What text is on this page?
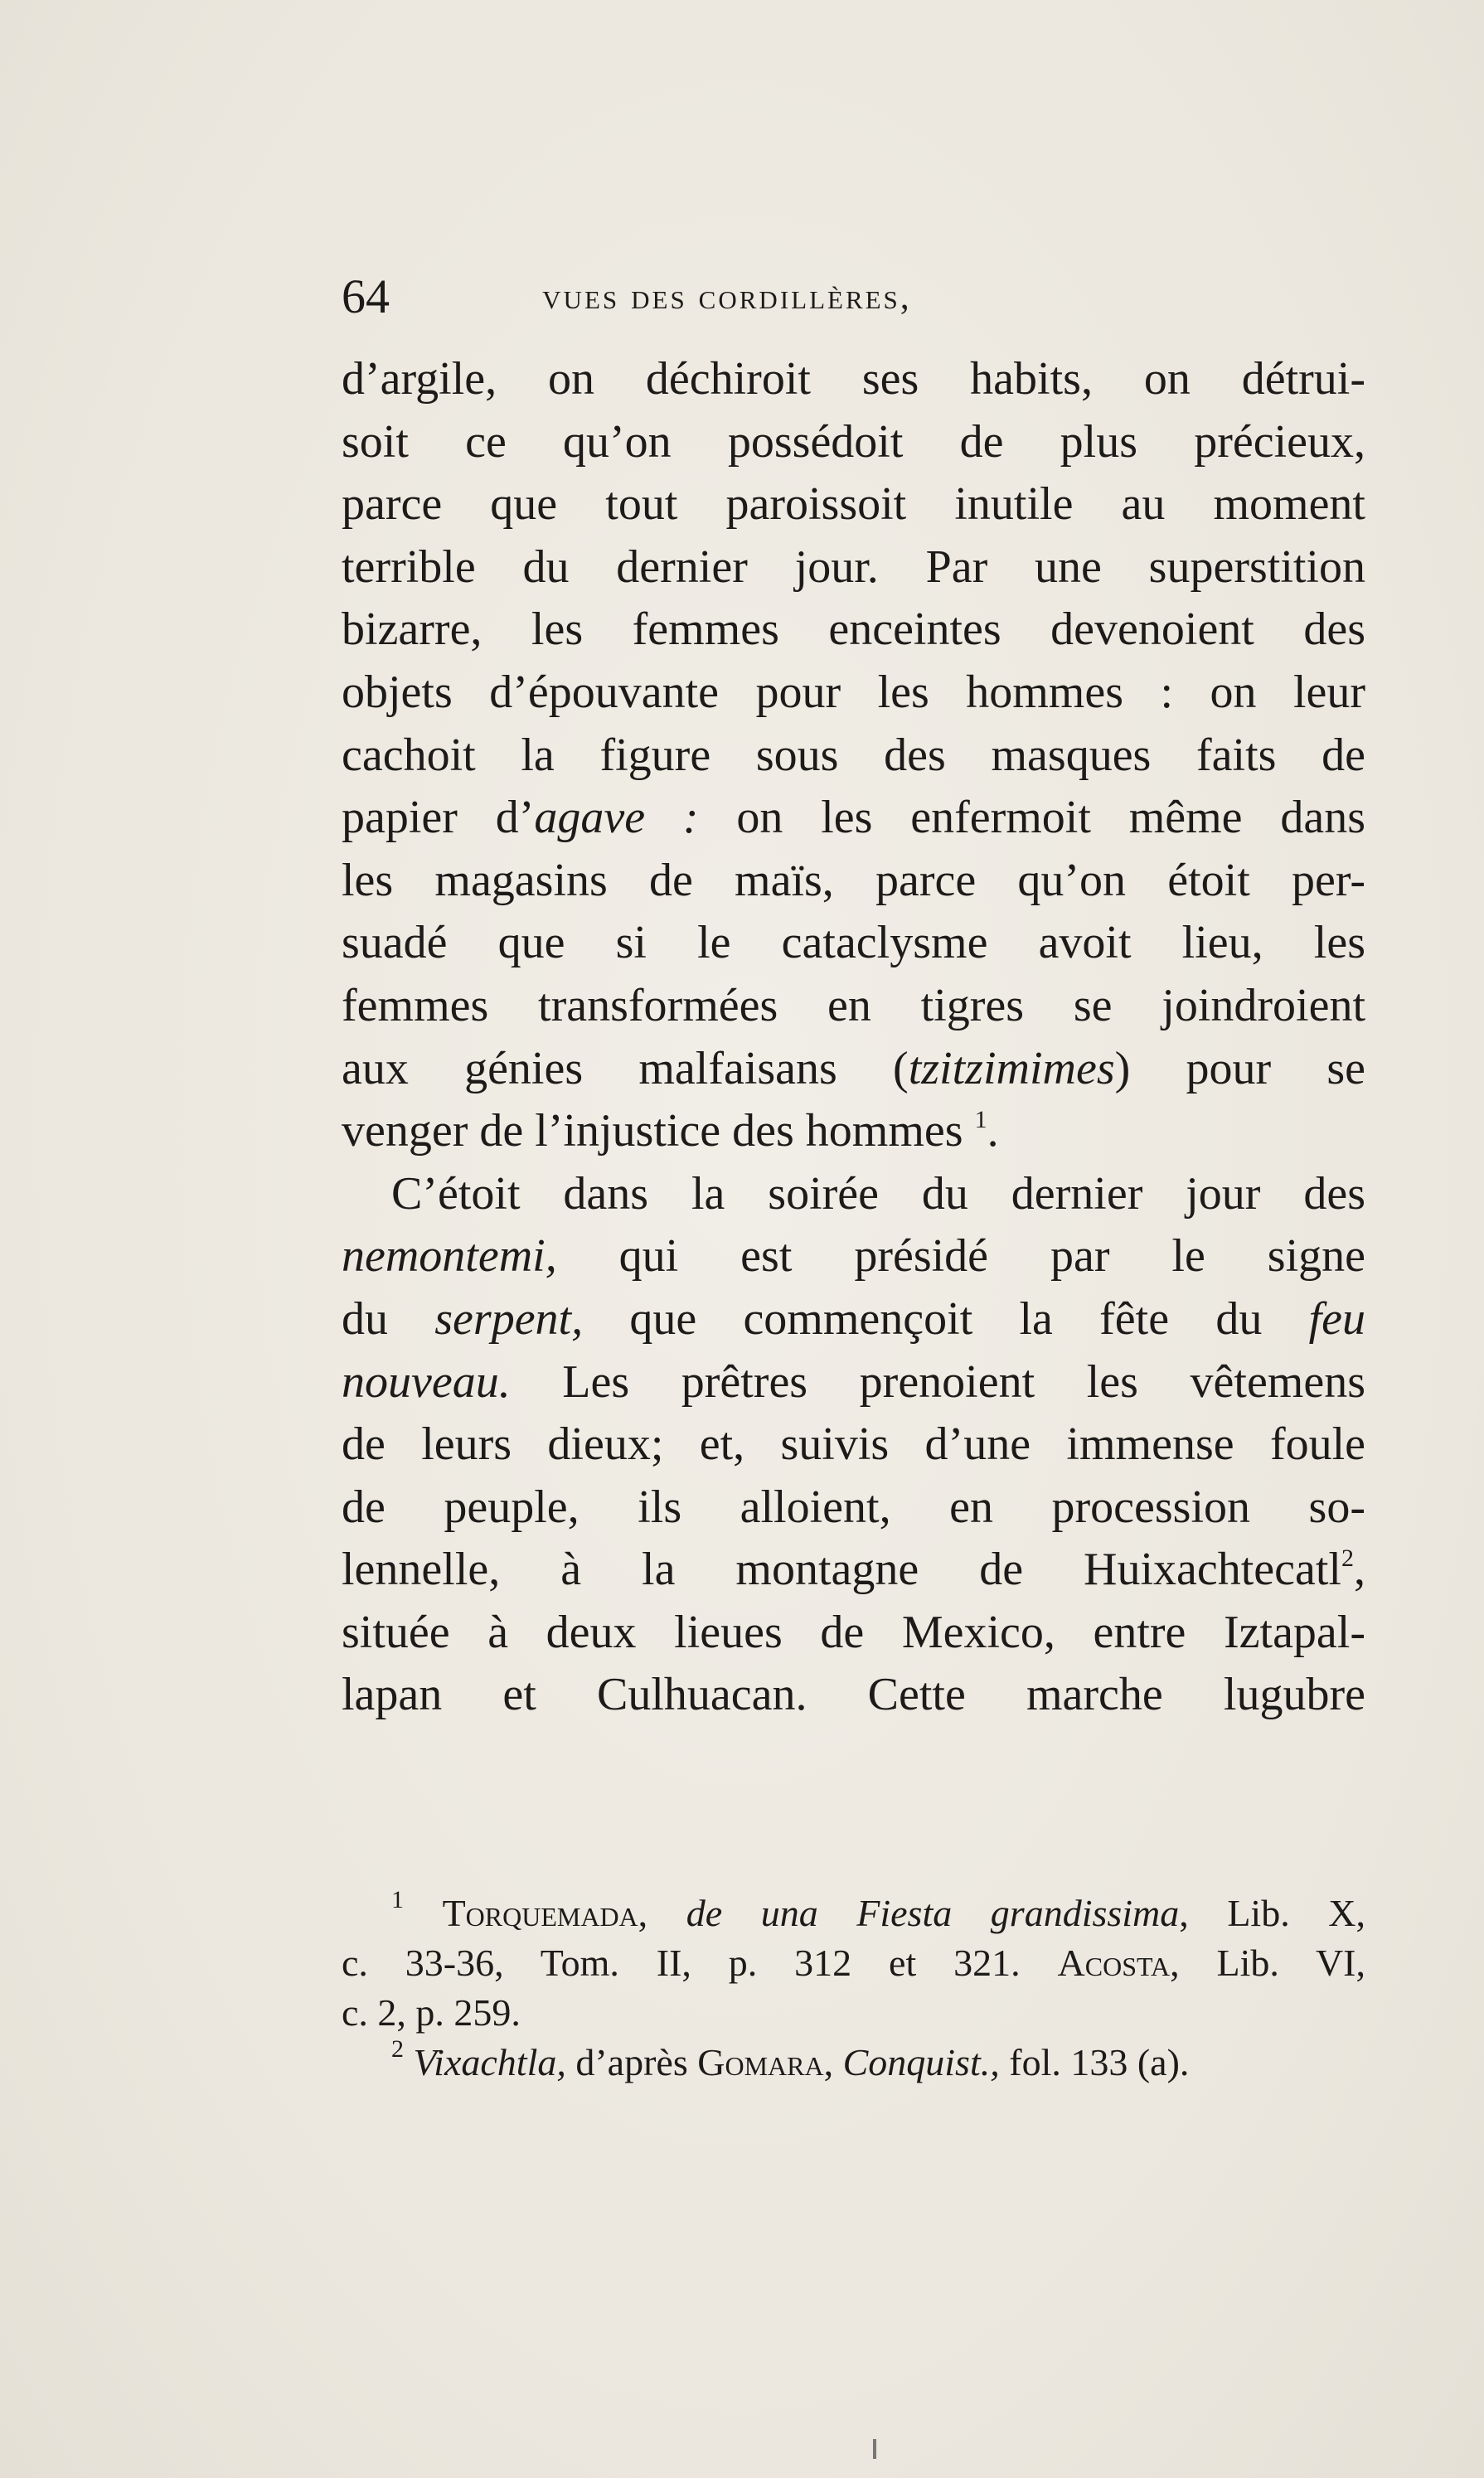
64	vues des cordillères,
d’argile, on déchiroit ses habits, on détrui-
soit ce qu’on possédoit de plus précieux,
parce que tout paroissoit inutile au moment
terrible du dernier jour. Par une superstition
bizarre, les femmes enceintes devenoient des
objets d’épouvante pour les hommes : on leur
cachoit la figure sous des masques faits de
papier d’agave : on les enfermoit même dans
les magasins de maïs, parce qu’on étoit per-
suadé que si le cataclysme avoit lieu, les
femmes transformées en tigres se joindroient
aux génies malfaisans (tzitzimimes) pour se
venger de l’injustice des hommes $^1$.
C’étoit dans la soirée du dernier jour des
nemontemi, qui est présidé par le signe
du serpent, que commençoit la fête du feu
nouveau. Les prêtres prenoient les vêtemens
de leurs dieux; et, suivis d’une immense foule
de peuple, ils alloient, en procession so-
lennelle, à la montagne de Huixachtecatl$^2$,
située à deux lieues de Mexico, entre Iztapal-
lapan et Culhuacan. Cette marche lugubre
$^1$ Torquemada, de una Fiesta grandissima, Lib. X,
c. 33-36, Tom. II, p. 312 et 321. Acosta, Lib. VI,
c. 2, p. 259.
$^2$ Vixachtla, d’après Gomara, Conquist., fol. 133 (a).
